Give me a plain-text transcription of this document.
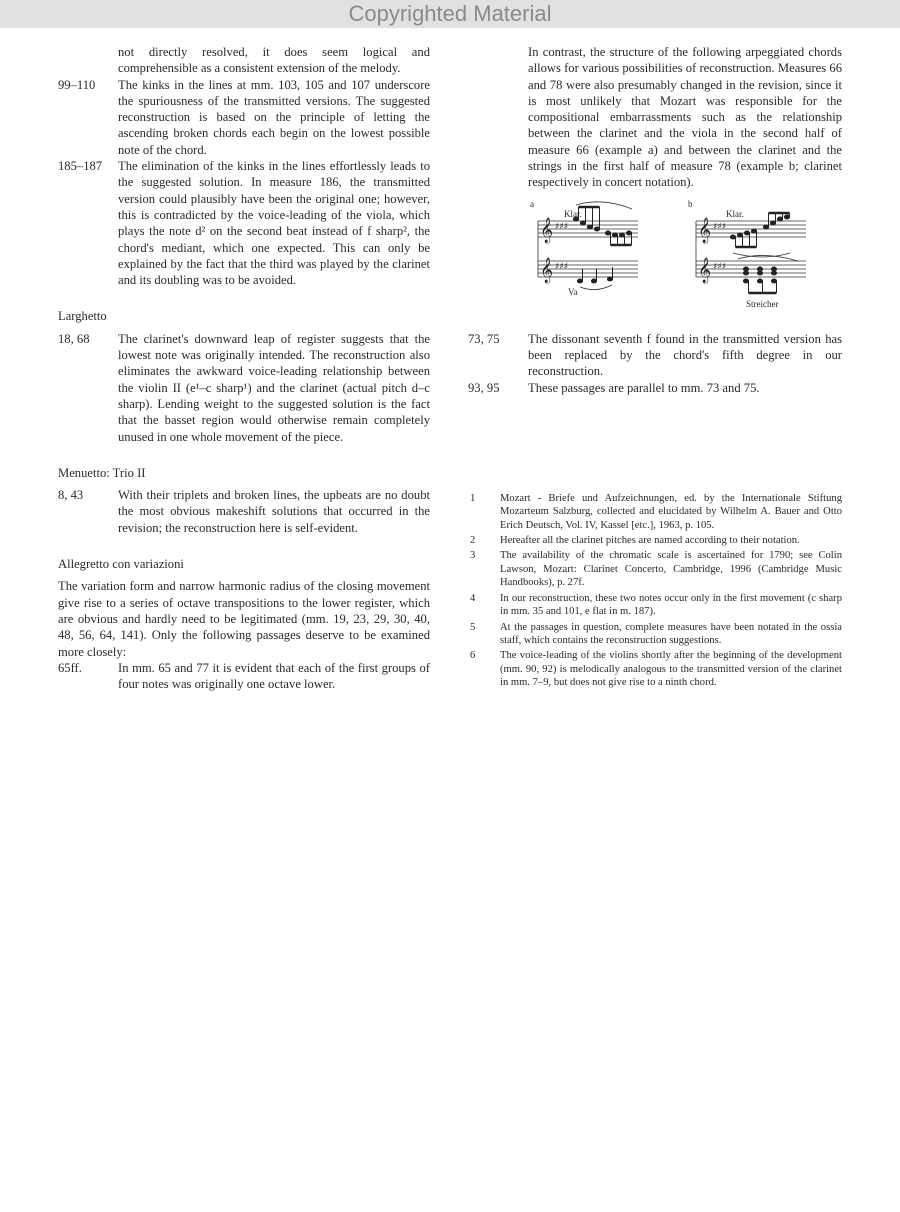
Copyrighted Material

not directly resolved, it does seem logical and comprehensible as a consistent extension of the melody.

99–110	The kinks in the lines at mm. 103, 105 and 107 underscore the spuriousness of the transmitted versions. The suggested reconstruction is based on the principle of letting the ascending broken chords each begin on the lowest possible note of the chord.
185–187	The elimination of the kinks in the lines effortlessly leads to the suggested solution. In measure 186, the transmitted version could plausibly have been the original one; however, this is contradicted by the voice-leading of the viola, which plays the note d² on the second beat instead of f sharp², the chord's mediant, which one expected. This can only be explained by the fact that the third was played by the clarinet and its doubling was to be avoided.
Larghetto
18, 68	The clarinet's downward leap of register suggests that the lowest note was originally intended. The reconstruction also eliminates the awkward voice-leading relationship between the violin II (e¹–c sharp¹) and the clarinet (actual pitch d–c sharp). Lending weight to the suggested solution is the fact that the basset region would otherwise remain completely unused in one whole movement of the piece.
Menuetto: Trio II
8, 43	With their triplets and broken lines, the upbeats are no doubt the most obvious makeshift solutions that occurred in the revision; the reconstruction here is self-evident.
Allegretto con variazioni

The variation form and narrow harmonic radius of the closing movement give rise to a series of octave transpositions to the lower register, which are obvious and hardly need to be legitimated (mm. 19, 23, 29, 30, 40, 48, 56, 64, 141). Only the following passages deserve to be examined more closely:

65ff.	In mm. 65 and 77 it is evident that each of the first groups of four notes was originally one octave lower.

In contrast, the structure of the following arpeggiated chords allows for various possibilities of reconstruction. Measures 66 and 78 were also presumably changed in the revision, since it is most unlikely that Mozart was responsible for the compositional embarrassments such as the relationship between the clarinet and the viola in the second half of measure 66 (example a) and between the clarinet and the strings in the first half of measure 78 (example b; clarinet respectively in concert notation).

𝄞
𝄞
𝄞
𝄞
♯♯♯
♯♯♯
♯♯♯
♯♯♯
a	b
Klar.	Klar.
Va
Streicher
73, 75	The dissonant seventh f found in the transmitted version has been replaced by the chord's fifth degree in our reconstruction.
93, 95	These passages are parallel to mm. 73 and 75.
1	Mozart - Briefe und Aufzeichnungen, ed. by the Internationale Stiftung Mozarteum Salzburg, collected and elucidated by Wilhelm A. Bauer and Otto Erich Deutsch, Vol. IV, Kassel [etc.], 1963, p. 105.
2	Hereafter all the clarinet pitches are named according to their notation.
3	The availability of the chromatic scale is ascertained for 1790; see Colin Lawson, Mozart: Clarinet Concerto, Cambridge, 1996 (Cambridge Music Handbooks), p. 27f.
4	In our reconstruction, these two notes occur only in the first movement (c sharp in mm. 35 and 101, e flat in m. 187).
5	At the passages in question, complete measures have been notated in the ossia staff, which contains the reconstruction suggestions.
6	The voice-leading of the violins shortly after the beginning of the development (mm. 90, 92) is melodically analogous to the transmitted version of the clarinet in mm. 7–9, but does not give rise to a ninth chord.
